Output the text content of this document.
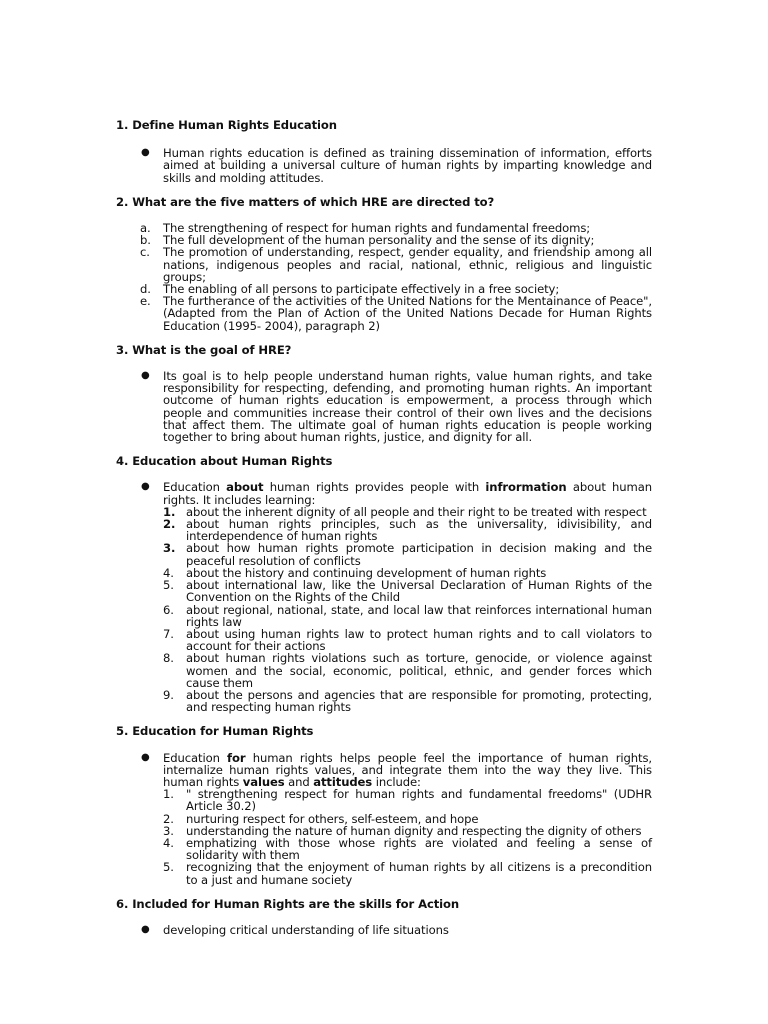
1. Define Human Rights Education

● Human rights education is defined as training dissemination of information, efforts aimed at building a universal culture of human rights by imparting knowledge and skills and molding attitudes.

2. What are the five matters of which HRE are directed to?

a. The strengthening of respect for human rights and fundamental freedoms;
b. The full development of the human personality and the sense of its dignity;
c. The promotion of understanding, respect, gender equality, and friendship among all nations, indigenous peoples and racial, national, ethnic, religious and linguistic groups;
d. The enabling of all persons to participate effectively in a free society;
e. The furtherance of the activities of the United Nations for the Mentainance of Peace", (Adapted from the Plan of Action of the United Nations Decade for Human Rights Education (1995- 2004), paragraph 2)

3. What is the goal of HRE?

● Its goal is to help people understand human rights, value human rights, and take responsibility for respecting, defending, and promoting human rights. An important outcome of human rights education is empowerment, a process through which people and communities increase their control of their own lives and the decisions that affect them. The ultimate goal of human rights education is people working together to bring about human rights, justice, and dignity for all.

4. Education about Human Rights

● Education about human rights provides people with infrormation about human rights. It includes learning:
1. about the inherent dignity of all people and their right to be treated with respect
2. about human rights principles, such as the universality, idivisibility, and interdependence of human rights
3. about how human rights promote participation in decision making and the peaceful resolution of conflicts
4. about the history and continuing development of human rights
5. about international law, like the Universal Declaration of Human Rights of the Convention on the Rights of the Child
6. about regional, national, state, and local law that reinforces international human rights law
7. about using human rights law to protect human rights and to call violators to account for their actions
8. about human rights violations such as torture, genocide, or violence against women and the social, economic, political, ethnic, and gender forces which cause them
9. about the persons and agencies that are responsible for promoting, protecting, and respecting human rights

5. Education for Human Rights

● Education for human rights helps people feel the importance of human rights, internalize human rights values, and integrate them into the way they live. This human rights values and attitudes include:
1. " strengthening respect for human rights and fundamental freedoms" (UDHR Article 30.2)
2. nurturing respect for others, self-esteem, and hope
3. understanding the nature of human dignity and respecting the dignity of others
4. emphatizing with those whose rights are violated and feeling a sense of solidarity with them
5. recognizing that the enjoyment of human rights by all citizens is a precondition to a just and humane society

6. Included for Human Rights are the skills for Action

● developing critical understanding of life situations
